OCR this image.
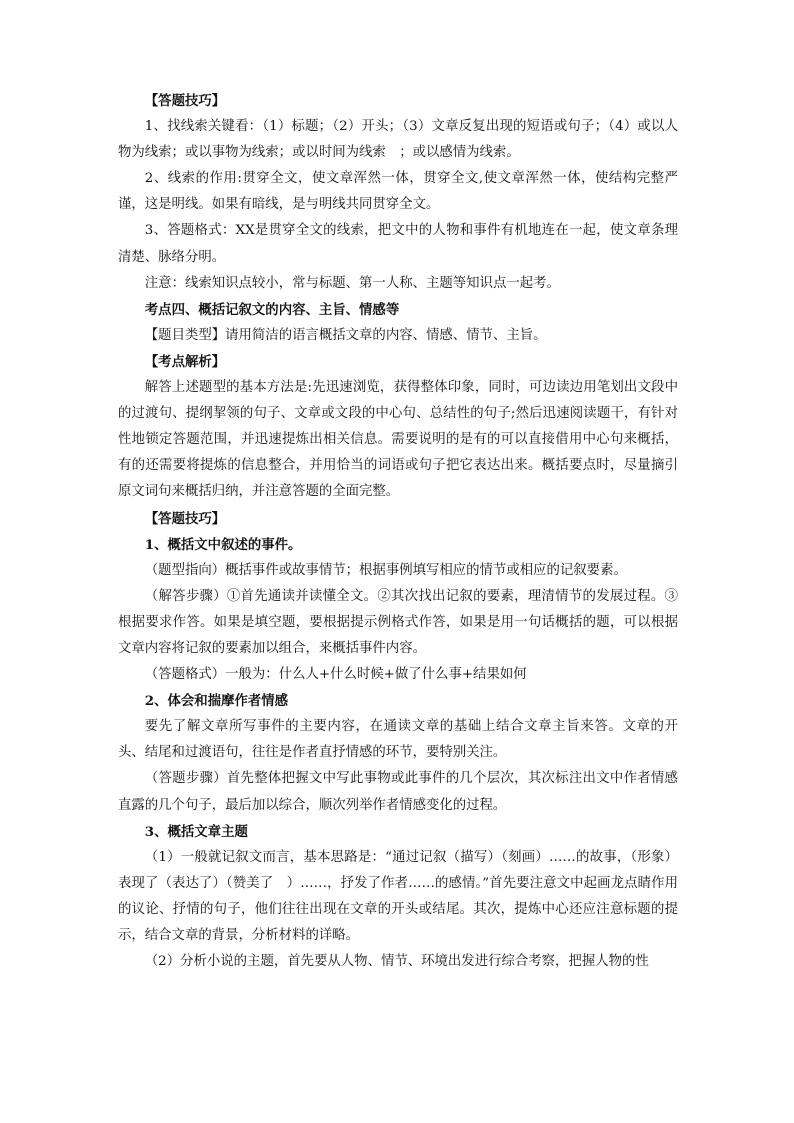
【答题技巧】

1、找线索关键看：（1）标题；（2）开头；（3）文章反复出现的短语或句子；（4）或以人物为线索；或以事物为线索；或以时间为线索　；或以感情为线索。

2、线索的作用:贯穿全文，使文章浑然一体，贯穿全文,使文章浑然一体，使结构完整严谨，这是明线。如果有暗线，是与明线共同贯穿全文。

3、答题格式：XX是贯穿全文的线索，把文中的人物和事件有机地连在一起，使文章条理清楚、脉络分明。

注意：线索知识点较小，常与标题、第一人称、主题等知识点一起考。

考点四、概括记叙文的内容、主旨、情感等

【题目类型】请用简洁的语言概括文章的内容、情感、情节、主旨。

【考点解析】

解答上述题型的基本方法是:先迅速浏览，获得整体印象，同时，可边读边用笔划出文段中的过渡句、提纲挈领的句子、文章或文段的中心句、总结性的句子;然后迅速阅读题干，有针对性地锁定答题范围，并迅速提炼出相关信息。需要说明的是有的可以直接借用中心句来概括，有的还需要将提炼的信息整合，并用恰当的词语或句子把它表达出来。概括要点时，尽量摘引原文词句来概括归纳，并注意答题的全面完整。

【答题技巧】

1、概括文中叙述的事件。

（题型指向）概括事件或故事情节；根据事例填写相应的情节或相应的记叙要素。

（解答步骤）①首先通读并读懂全文。②其次找出记叙的要素，理清情节的发展过程。③根据要求作答。如果是填空题，要根据提示例格式作答，如果是用一句话概括的题，可以根据文章内容将记叙的要素加以组合，来概括事件内容。

（答题格式）一般为：什么人+什么时候+做了什么事+结果如何

2、体会和揣摩作者情感

要先了解文章所写事件的主要内容，在通读文章的基础上结合文章主旨来答。文章的开头、结尾和过渡语句，往往是作者直抒情感的环节，要特别关注。

（答题步骤）首先整体把握文中写此事物或此事件的几个层次，其次标注出文中作者情感直露的几个句子，最后加以综合，顺次列举作者情感变化的过程。

3、概括文章主题

（1）一般就记叙文而言，基本思路是：“通过记叙（描写）（刻画）……的故事，（形象）表现了（表达了）（赞美了　）……，抒发了作者……的感情。”首先要注意文中起画龙点睛作用的议论、抒情的句子，他们往往出现在文章的开头或结尾。其次，提炼中心还应注意标题的提示，结合文章的背景，分析材料的详略。

（2）分析小说的主题，首先要从人物、情节、环境出发进行综合考察，把握人物的性
